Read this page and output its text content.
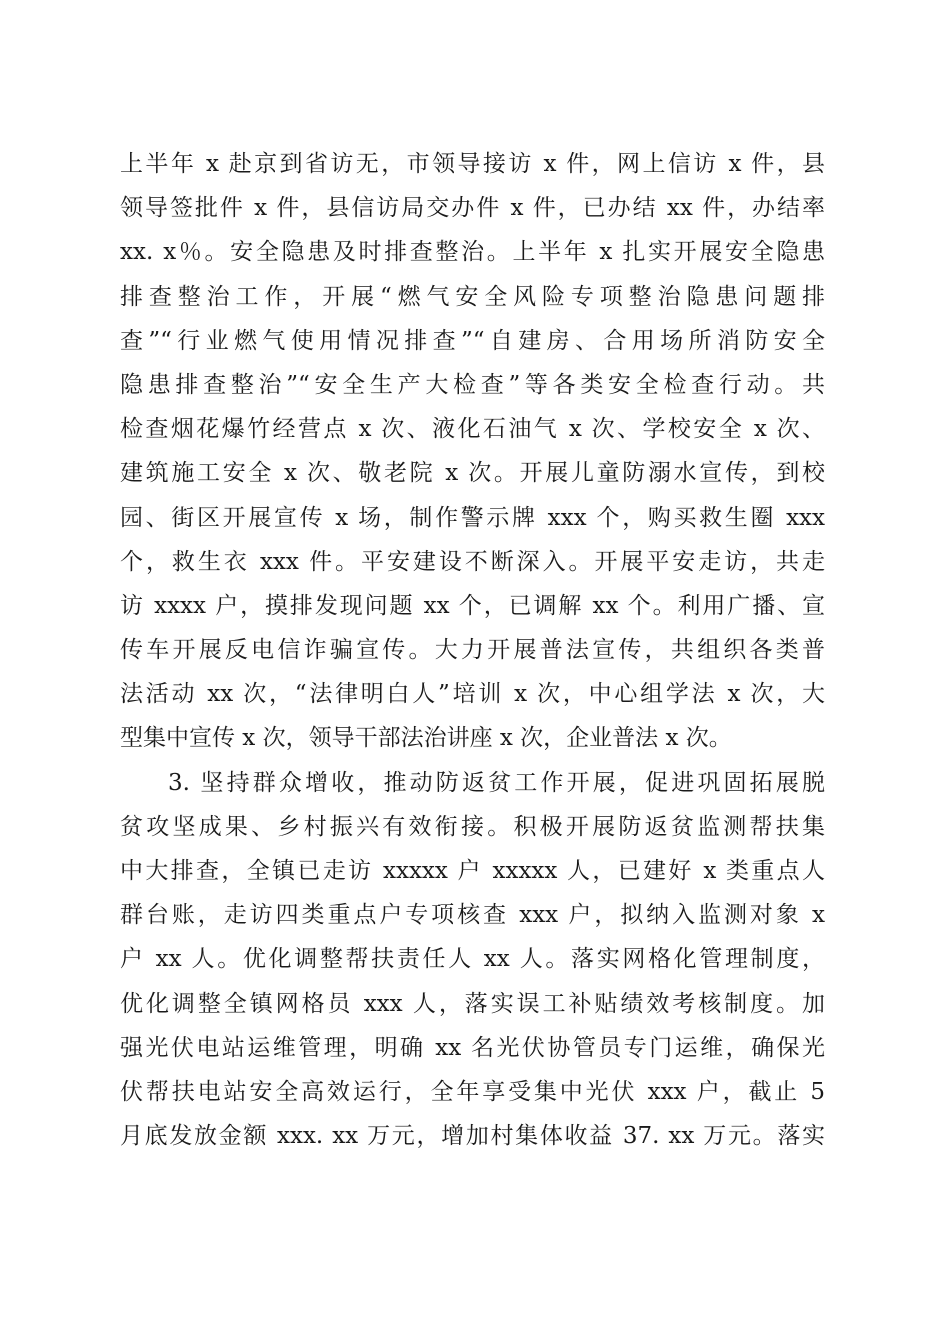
上半年 x 赴京到省访无，市领导接访 x 件，网上信访 x 件，县
领导签批件 x 件，县信访局交办件 x 件，已办结 xx 件，办结率
xx. x％。安全隐患及时排查整治。上半年 x 扎实开展安全隐患
排查整治工作，开展“燃气安全风险专项整治隐患问题排
查”“行业燃气使用情况排查”“自建房、合用场所消防安全
隐患排查整治”“安全生产大检查”等各类安全检查行动。共
检查烟花爆竹经营点 x 次、液化石油气 x 次、学校安全 x 次、
建筑施工安全 x 次、敬老院 x 次。开展儿童防溺水宣传，到校
园、街区开展宣传 x 场，制作警示牌 xxx 个，购买救生圈 xxx
个，救生衣 xxx 件。平安建设不断深入。开展平安走访，共走
访 xxxx 户，摸排发现问题 xx 个，已调解 xx 个。利用广播、宣
传车开展反电信诈骗宣传。大力开展普法宣传，共组织各类普
法活动 xx 次，“法律明白人”培训 x 次，中心组学法 x 次，大
型集中宣传 x 次，领导干部法治讲座 x 次，企业普法 x 次。
3. 坚持群众增收，推动防返贫工作开展，促进巩固拓展脱
贫攻坚成果、乡村振兴有效衔接。积极开展防返贫监测帮扶集
中大排查，全镇已走访 xxxxx 户 xxxxx 人，已建好 x 类重点人
群台账，走访四类重点户专项核查 xxx 户，拟纳入监测对象 x
户 xx 人。优化调整帮扶责任人 xx 人。落实网格化管理制度，
优化调整全镇网格员 xxx 人，落实误工补贴绩效考核制度。加
强光伏电站运维管理，明确 xx 名光伏协管员专门运维，确保光
伏帮扶电站安全高效运行，全年享受集中光伏 xxx 户，截止 5
月底发放金额 xxx. xx 万元，增加村集体收益 37. xx 万元。落实
